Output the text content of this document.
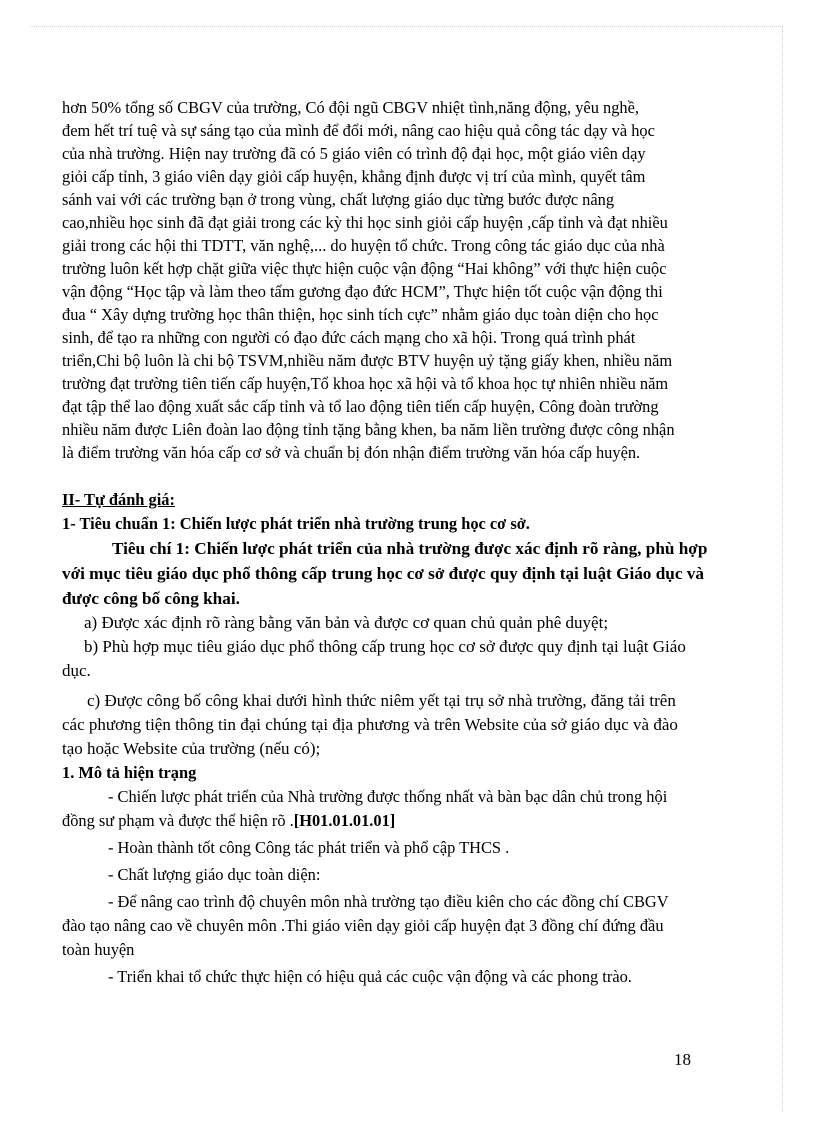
hơn 50% tổng số CBGV của trường, Có đội ngũ CBGV nhiệt tình,năng động, yêu nghề,

đem hết trí tuệ và sự sáng tạo của mình để đổi mới, nâng cao hiệu quả công tác dạy và học

của nhà trường. Hiện nay trường đã có 5 giáo viên có trình độ đại học, một giáo viên dạy

giỏi cấp tỉnh, 3 giáo viên dạy giỏi cấp huyện, khẳng định được vị trí của mình, quyết tâm

sánh vai với các trường bạn ở trong vùng, chất lượng giáo dục từng bước được nâng

cao,nhiều học sinh đã đạt giải trong các kỳ thi học sinh giỏi cấp huyện ,cấp tỉnh và đạt nhiều

giải trong các hội thi TDTT, văn nghệ,... do huyện tổ chức. Trong công tác giáo dục của nhà

trường luôn kết hợp chặt giữa việc thực hiện cuộc vận động “Hai không” với thực hiện cuộc

vận động “Học tập và làm theo tấm gương đạo đức HCM”, Thực hiện tốt cuộc vận động thi

đua “ Xây dựng trường học thân thiện, học sinh tích cực” nhằm giáo dục toàn diện cho học

sinh, để tạo ra những con người có đạo đức cách mạng cho xã hội. Trong quá trình phát

triển,Chi bộ luôn là chi bộ TSVM,nhiều năm được BTV huyện uỷ tặng giấy khen, nhiều năm

trường đạt trường tiên tiến cấp huyện,Tổ khoa học xã hội và tổ khoa học tự nhiên nhiều năm

đạt tập thể lao động xuất sắc cấp tỉnh và tổ lao động tiên tiến cấp huyện, Công đoàn trường

nhiều năm được Liên đoàn lao động tỉnh tặng bằng khen, ba năm liền trường được công nhận

là điểm trường văn hóa cấp cơ sở và chuẩn bị đón nhận điểm trường văn hóa cấp huyện.

II- Tự đánh giá:

1- Tiêu chuẩn 1: Chiến lược phát triển nhà trường trung học cơ sở.

Tiêu chí 1: Chiến lược phát triển của nhà trường được xác định rõ ràng, phù hợp

với mục tiêu giáo dục phổ thông cấp trung học cơ sở được quy định tại luật Giáo dục và

được công bố công khai.

a) Được xác định rõ ràng bằng văn bản và được cơ quan chủ quản phê duyệt;

b) Phù hợp mục tiêu giáo dục phổ thông cấp trung học cơ sở được quy định tại luật Giáo

dục.

c) Được công bố công khai dưới hình thức niêm yết tại trụ sở nhà trường, đăng tải trên

các phương tiện thông tin đại chúng tại địa phương và trên Website của sở giáo dục và đào

tạo hoặc Website của trường (nếu có);

1. Mô tả hiện trạng

- Chiến lược phát triển của Nhà trường được thống nhất và bàn bạc dân chủ trong hội

đồng sư phạm và được thể hiện rõ .[H01.01.01.01]

- Hoàn thành tốt công Công tác phát triển và phổ cập THCS .

- Chất lượng giáo dục toàn diện:

- Để nâng cao trình độ chuyên môn nhà trường tạo điều kiên cho các đồng chí CBGV

đào tạo nâng cao về chuyên môn .Thi giáo viên dạy giỏi cấp huyện đạt 3 đồng chí đứng đầu

toàn huyện

- Triển khai tổ chức thực hiện có hiệu quả các cuộc vận động và các phong trào.

18
